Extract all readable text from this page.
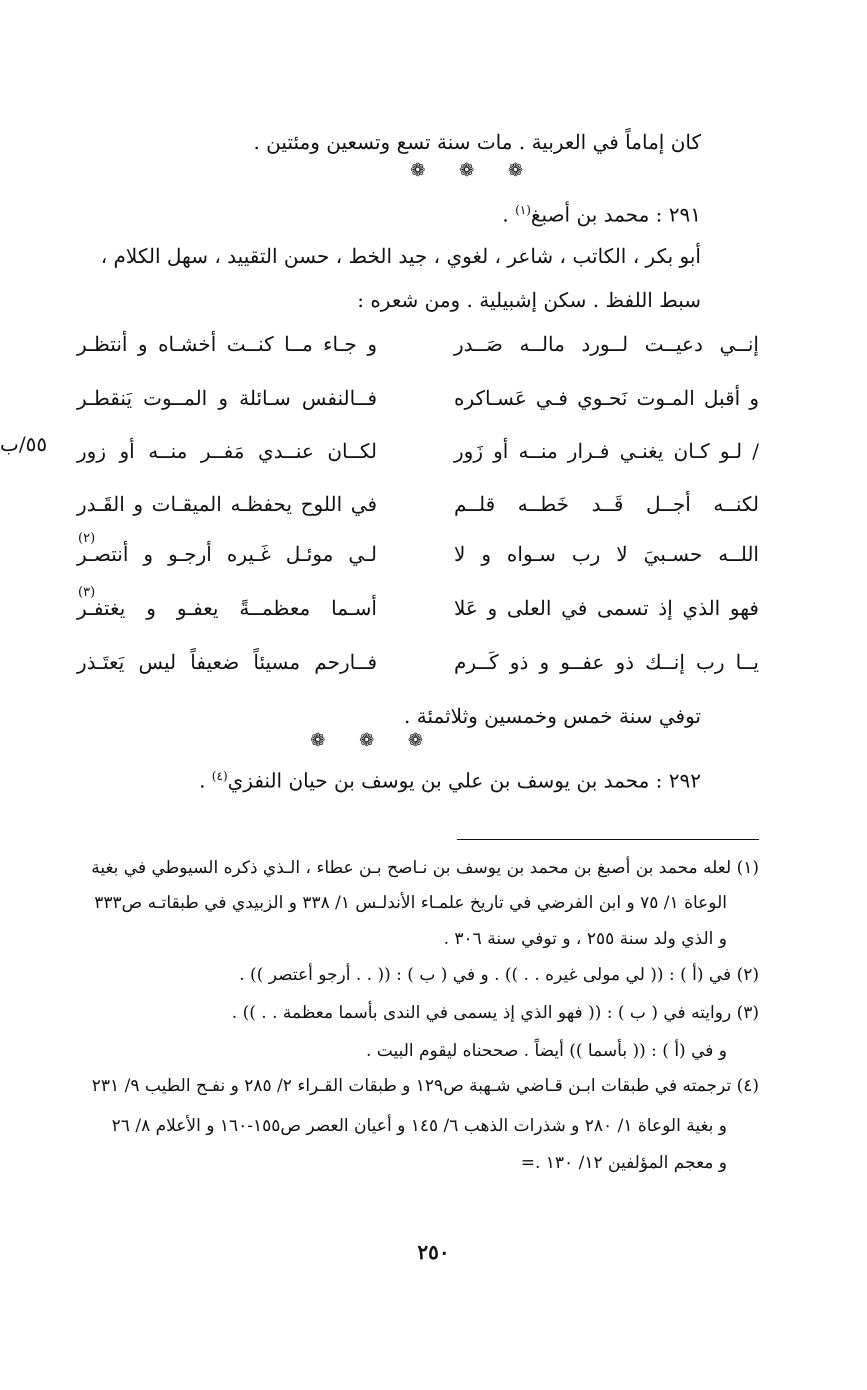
كان إماماً في العربية . مات سنة تسع وتسعين ومئتين .
❁ ❁ ❁
٢٩١ : محمد بن أصبغ$^{(١)}$ .
أبو بكر ، الكاتب ، شاعر ، لغوي ، جيد الخط ، حسن التقييد ، سهل الكلام ،
سبط اللفظ . سكن إشبيلية . ومن شعره :
٥٥/ب
إنــي دعيــت لــورد مالــه صَــدر
و جـاء مــا كنــت أخشـاه و أنتظـر
و أقبل المـوت نَحـوي فـي عَسـاكره
فــالنفس سـائلة و المــوت يَنقطـر
/ لـو كـان يغنـي فـرار منــه أو زَور
لكــان عنــدي مَفــر منــه أو زور
لكنــه أجــل قَــد خَطــه قلــم
في اللوح يحفظـه الميقـات و القَـدر
اللــه حسـبيَ لا رب سـواه و لا
لـي موئـل غَـيره أرجـو و أنتصـر
(٢)
فهو الذي إذ تسمى في العلى و عَلا
أسـما معظمــةً يعفـو و يغتفـر
(٣)
يــا رب إنــك ذو عفــو و ذو كَــرم
فــارحم مسيئاً ضعيفاً ليس يَعتَـذر
توفي سنة خمس وخمسين وثلاثمئة .
❁ ❁ ❁
٢٩٢ : محمد بن يوسف بن علي بن يوسف بن حيان النفزي$^{(٤)}$ .
(١) لعله محمد بن أصبغ بن محمد بن يوسف بن نـاصح بـن عطاء ، الـذي ذكره السيوطي في بغية
الوعاة ١/ ٧٥ و ابن الفرضي في تاريخ علمـاء الأندلـس ١/ ٣٣٨ و الزبيدي في طبقاتـه ص٣٣٣
و الذي ولد سنة ٢٥٥ ، و توفي سنة ٣٠٦ .
(٢) في (أ ) : (( لي مولى غيره . . )) . و في ( ب ) : (( . . أرجو أعتصر )) .
(٣) روايته في ( ب ) : (( فهو الذي إذ يسمى في الندى بأسما معظمة . . )) .
و في (أ ) : (( بأسما )) أيضاً . صححناه ليقوم البيت .
(٤) ترجمته في طبقات ابـن قـاضي شـهبة ص١٢٩ و طبقات القـراء ٢/ ٢٨٥ و نفـح الطيب ٩/ ٢٣١
و بغية الوعاة ١/ ٢٨٠ و شذرات الذهب ٦/ ١٤٥ و أعيان العصر ص١٥٥-١٦٠ و الأعلام ٨/ ٢٦
و معجم المؤلفين ١٢/ ١٣٠ .=
٢٥٠
